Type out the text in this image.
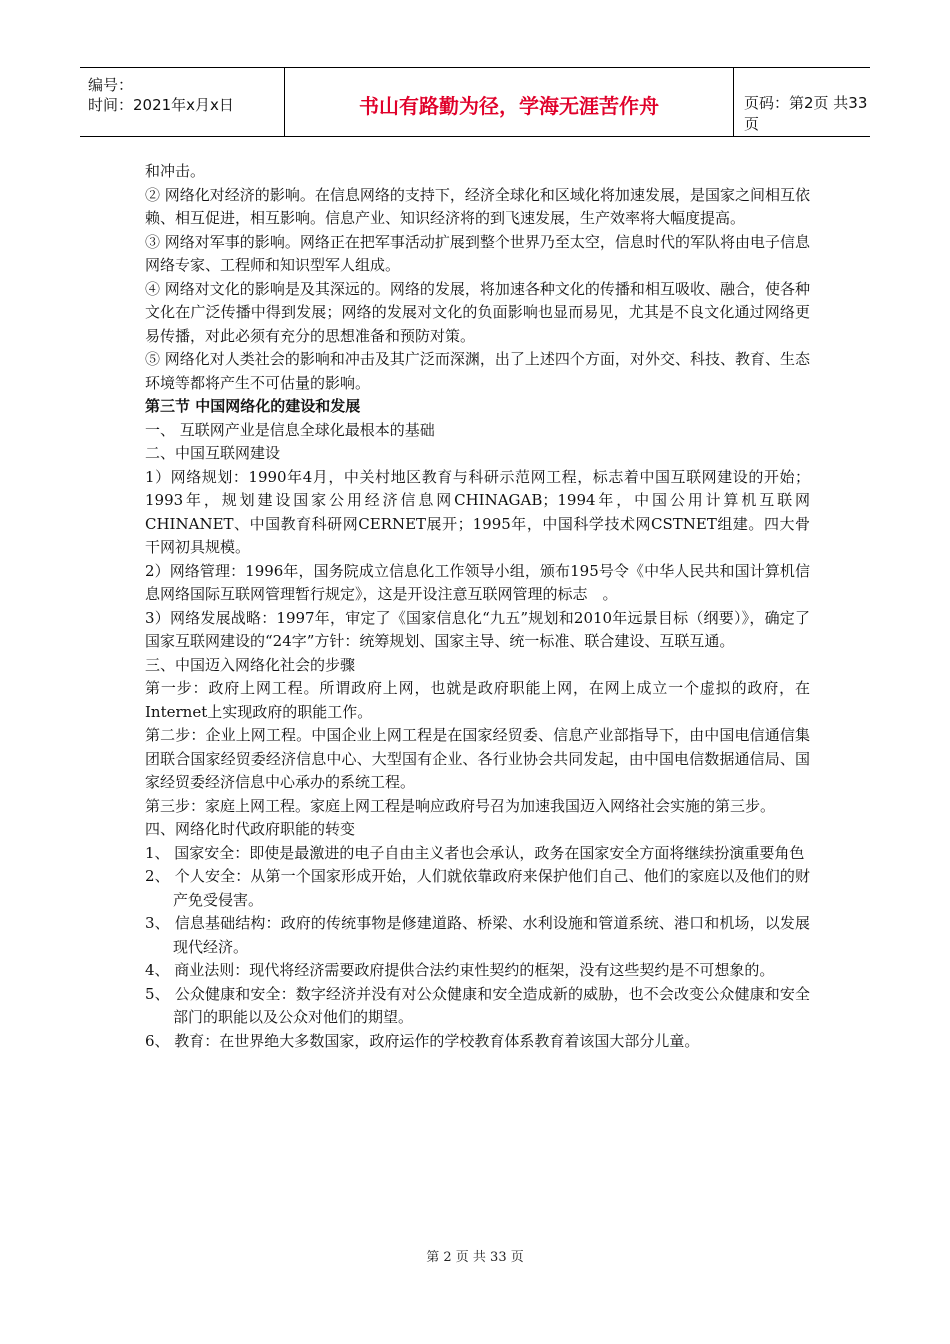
编号：
时间：2021年x月x日	书山有路勤为径，学海无涯苦作舟	页码：第2页 共33页

和冲击。

② 网络化对经济的影响。在信息网络的支持下，经济全球化和区域化将加速发展，是国家之间相互依赖、相互促进，相互影响。信息产业、知识经济将的到飞速发展，生产效率将大幅度提高。

③ 网络对军事的影响。网络正在把军事活动扩展到整个世界乃至太空，信息时代的军队将由电子信息网络专家、工程师和知识型军人组成。

④ 网络对文化的影响是及其深远的。网络的发展，将加速各种文化的传播和相互吸收、融合，使各种文化在广泛传播中得到发展；网络的发展对文化的负面影响也显而易见，尤其是不良文化通过网络更易传播，对此必须有充分的思想准备和预防对策。

⑤ 网络化对人类社会的影响和冲击及其广泛而深渊，出了上述四个方面，对外交、科技、教育、生态环境等都将产生不可估量的影响。

第三节 中国网络化的建设和发展

一、 互联网产业是信息全球化最根本的基础

二、中国互联网建设

1）网络规划：1990年4月，中关村地区教育与科研示范网工程，标志着中国互联网建设的开始；1993年，规划建设国家公用经济信息网CHINAGAB；1994年，中国公用计算机互联网CHINANET、中国教育科研网CERNET展开；1995年，中国科学技术网CSTNET组建。四大骨干网初具规模。

2）网络管理：1996年，国务院成立信息化工作领导小组，颁布195号令《中华人民共和国计算机信息网络国际互联网管理暂行规定》，这是开设注意互联网管理的标志　。

3）网络发展战略：1997年，审定了《国家信息化“九五”规划和2010年远景目标（纲要）》，确定了国家互联网建设的“24字”方针：统筹规划、国家主导、统一标准、联合建设、互联互通。

三、中国迈入网络化社会的步骤

第一步：政府上网工程。所谓政府上网，也就是政府职能上网，在网上成立一个虚拟的政府，在Internet上实现政府的职能工作。

第二步：企业上网工程。中国企业上网工程是在国家经贸委、信息产业部指导下，由中国电信通信集团联合国家经贸委经济信息中心、大型国有企业、各行业协会共同发起，由中国电信数据通信局、国家经贸委经济信息中心承办的系统工程。

第三步：家庭上网工程。家庭上网工程是响应政府号召为加速我国迈入网络社会实施的第三步。

四、网络化时代政府职能的转变

1、 国家安全：即使是最激进的电子自由主义者也会承认，政务在国家安全方面将继续扮演重要角色

2、 个人安全：从第一个国家形成开始，人们就依靠政府来保护他们自己、他们的家庭以及他们的财产免受侵害。

3、 信息基础结构：政府的传统事物是修建道路、桥梁、水利设施和管道系统、港口和机场，以发展现代经济。

4、 商业法则：现代将经济需要政府提供合法约束性契约的框架，没有这些契约是不可想象的。

5、 公众健康和安全：数字经济并没有对公众健康和安全造成新的威胁，也不会改变公众健康和安全部门的职能以及公众对他们的期望。

6、 教育：在世界绝大多数国家，政府运作的学校教育体系教育着该国大部分儿童。

第 2 页 共 33 页
